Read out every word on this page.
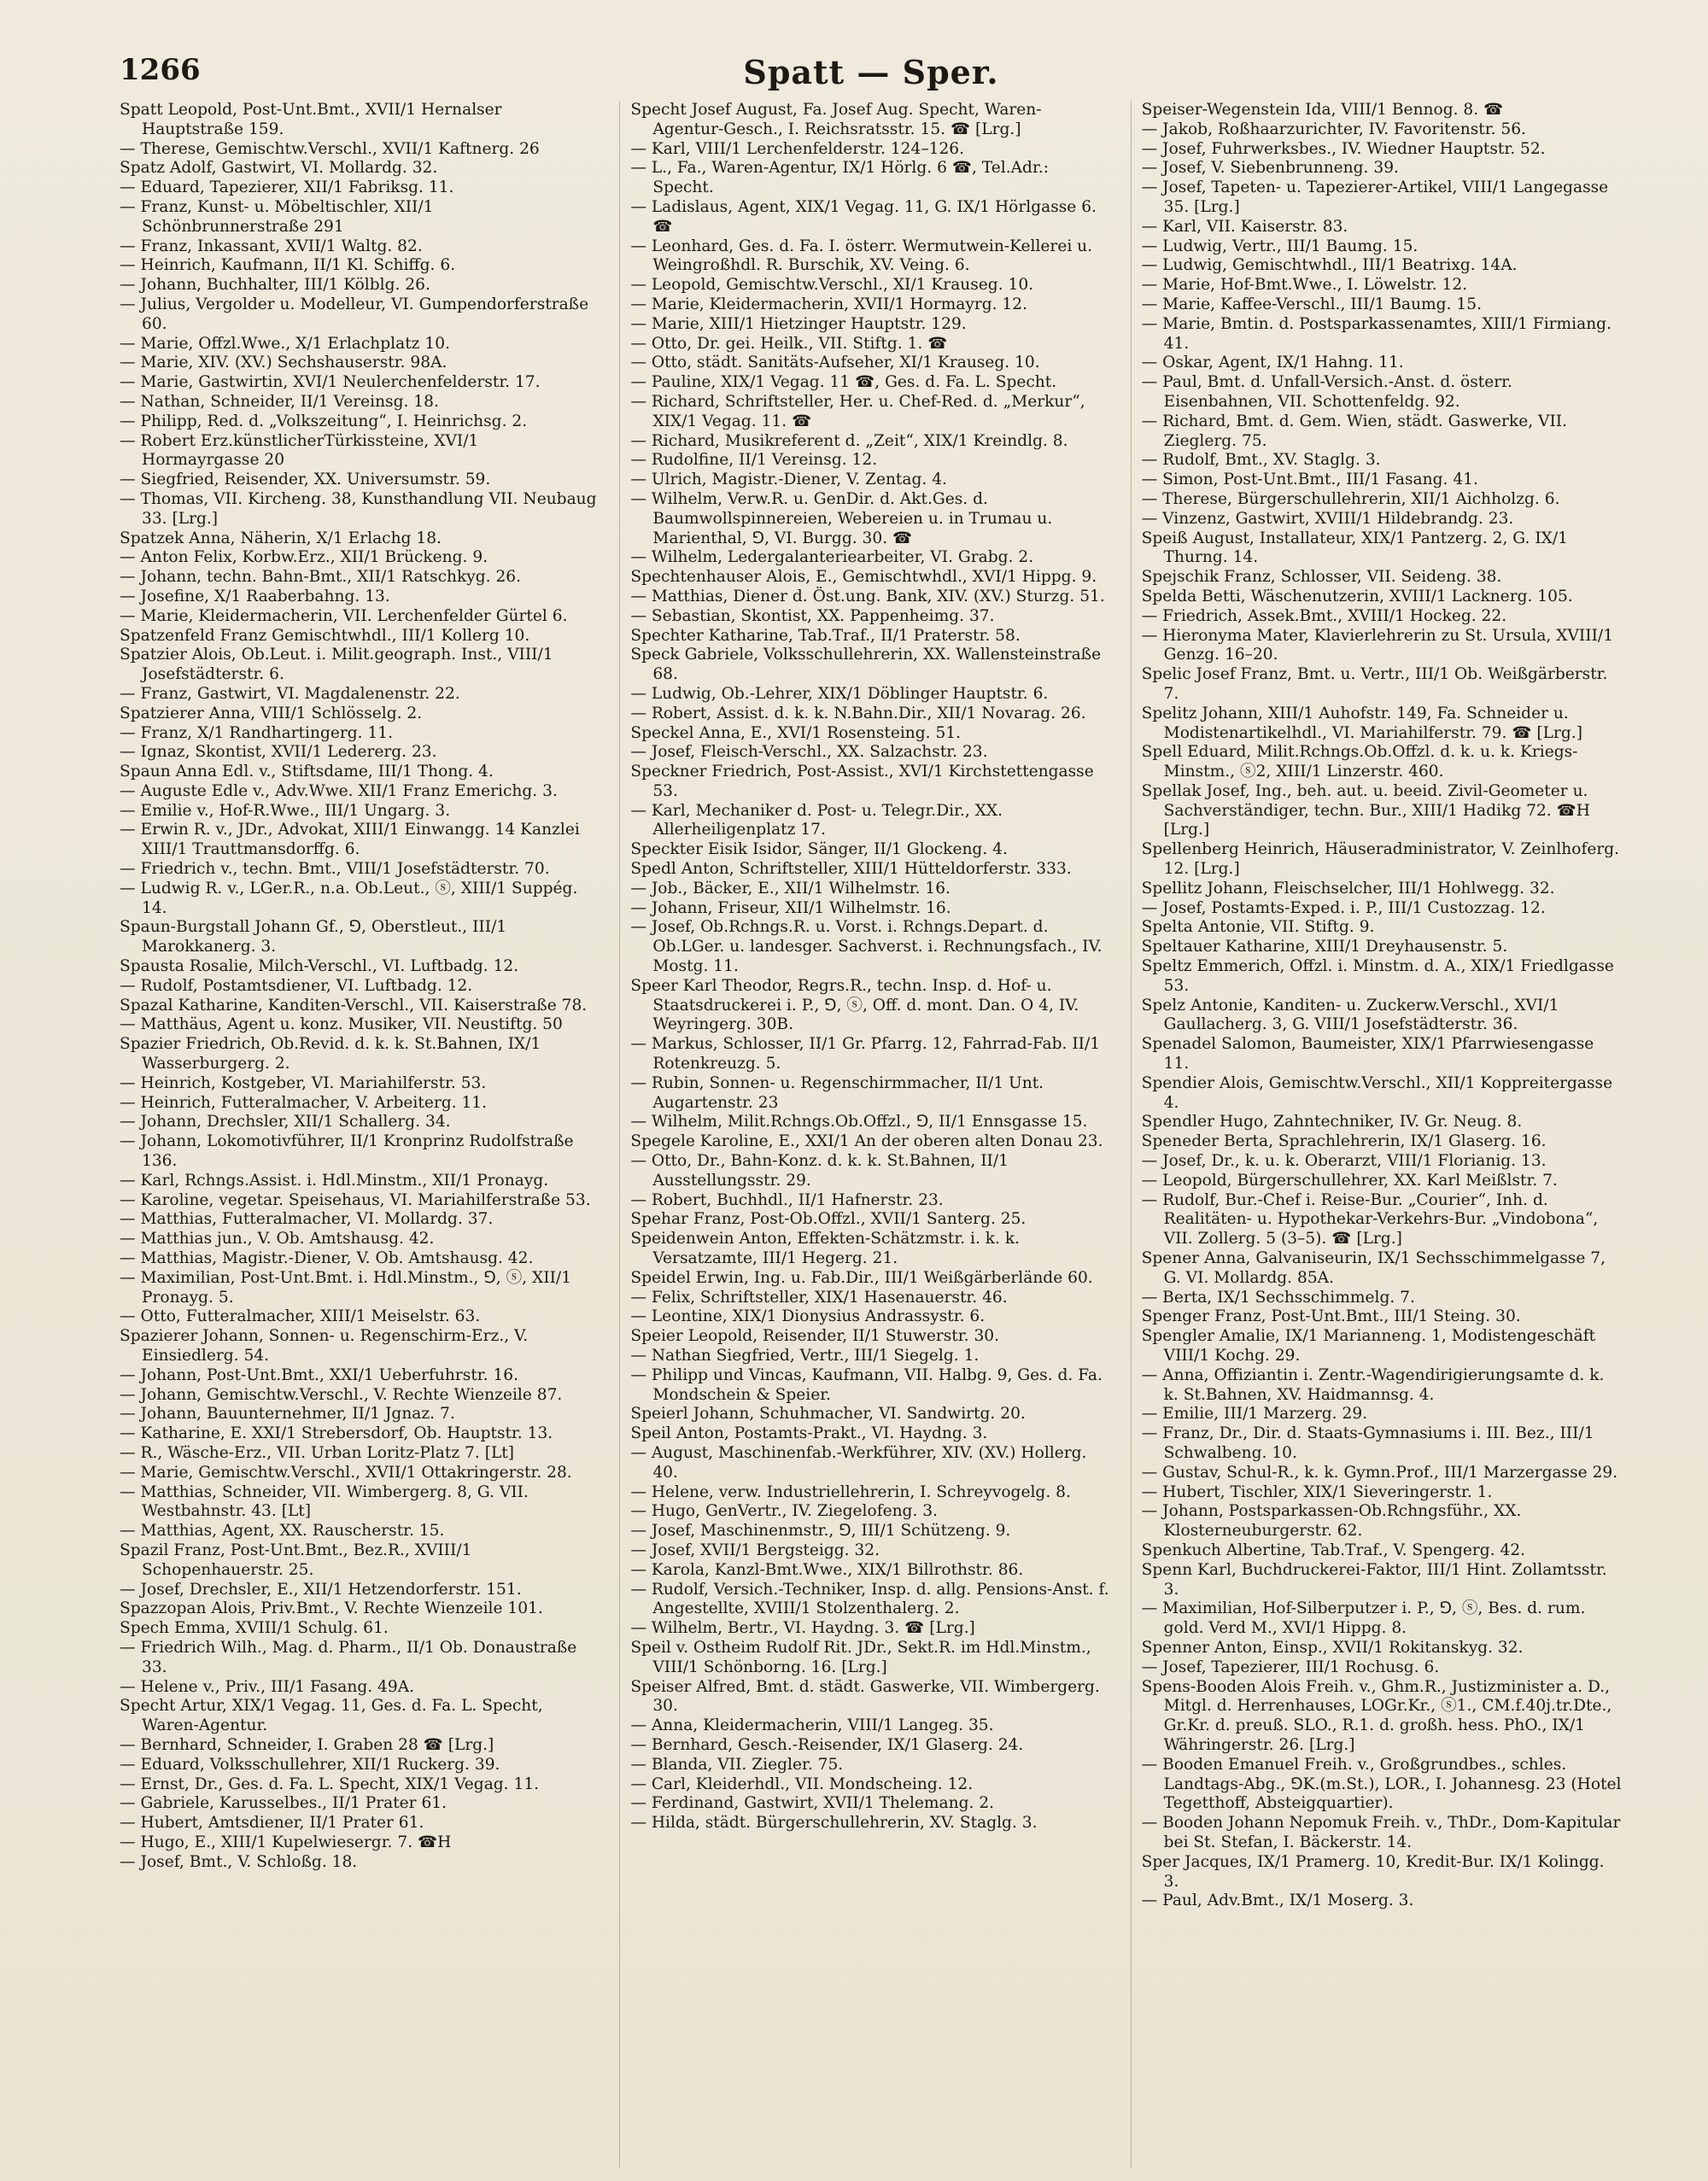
1266	Spatt — Sper.

Spatt Leopold, Post-Unt.Bmt., XVII/1 Hernalser Hauptstraße 159.

— Therese, Gemischtw.Verschl., XVII/1 Kaftnerg. 26

Spatz Adolf, Gastwirt, VI. Mollardg. 32.

— Eduard, Tapezierer, XII/1 Fabriksg. 11.

— Franz, Kunst- u. Möbeltischler, XII/1 Schönbrunnerstraße 291

— Franz, Inkassant, XVII/1 Waltg. 82.

— Heinrich, Kaufmann, II/1 Kl. Schiffg. 6.

— Johann, Buchhalter, III/1 Kölblg. 26.

— Julius, Vergolder u. Modelleur, VI. Gumpendorferstraße 60.

— Marie, Offzl.Wwe., X/1 Erlachplatz 10.

— Marie, XIV. (XV.) Sechshauserstr. 98A.

— Marie, Gastwirtin, XVI/1 Neulerchenfelderstr. 17.

— Nathan, Schneider, II/1 Vereinsg. 18.

— Philipp, Red. d. „Volkszeitung“, I. Heinrichsg. 2.

— Robert Erz.künstlicherTürkissteine, XVI/1 Hormayrgasse 20

— Siegfried, Reisender, XX. Universumstr. 59.

— Thomas, VII. Kircheng. 38, Kunsthandlung VII. Neubaug 33. [Lrg.]

Spatzek Anna, Näherin, X/1 Erlachg 18.

— Anton Felix, Korbw.Erz., XII/1 Brückeng. 9.

— Johann, techn. Bahn-Bmt., XII/1 Ratschkyg. 26.

— Josefine, X/1 Raaberbahng. 13.

— Marie, Kleidermacherin, VII. Lerchenfelder Gürtel 6.

Spatzenfeld Franz Gemischtwhdl., III/1 Kollerg 10.

Spatzier Alois, Ob.Leut. i. Milit.geograph. Inst., VIII/1 Josefstädterstr. 6.

— Franz, Gastwirt, VI. Magdalenenstr. 22.

Spatzierer Anna, VIII/1 Schlösselg. 2.

— Franz, X/1 Randhartingerg. 11.

— Ignaz, Skontist, XVII/1 Ledererg. 23.

Spaun Anna Edl. v., Stiftsdame, III/1 Thong. 4.

— Auguste Edle v., Adv.Wwe. XII/1 Franz Emerichg. 3.

— Emilie v., Hof-R.Wwe., III/1 Ungarg. 3.

— Erwin R. v., JDr., Advokat, XIII/1 Einwangg. 14 Kanzlei XIII/1 Trauttmansdorffg. 6.

— Friedrich v., techn. Bmt., VIII/1 Josefstädterstr. 70.

— Ludwig R. v., LGer.R., n.a. Ob.Leut., ⓢ, XIII/1 Suppég. 14.

Spaun-Burgstall Johann Gf., ⅁, Oberstleut., III/1 Marokkanerg. 3.

Spausta Rosalie, Milch-Verschl., VI. Luftbadg. 12.

— Rudolf, Postamtsdiener, VI. Luftbadg. 12.

Spazal Katharine, Kanditen-Verschl., VII. Kaiserstraße 78.

— Matthäus, Agent u. konz. Musiker, VII. Neustiftg. 50

Spazier Friedrich, Ob.Revid. d. k. k. St.Bahnen, IX/1 Wasserburgerg. 2.

— Heinrich, Kostgeber, VI. Mariahilferstr. 53.

— Heinrich, Futteralmacher, V. Arbeiterg. 11.

— Johann, Drechsler, XII/1 Schallerg. 34.

— Johann, Lokomotivführer, II/1 Kronprinz Rudolfstraße 136.

— Karl, Rchngs.Assist. i. Hdl.Minstm., XII/1 Pronayg.

— Karoline, vegetar. Speisehaus, VI. Mariahilferstraße 53.

— Matthias, Futteralmacher, VI. Mollardg. 37.

— Matthias jun., V. Ob. Amtshausg. 42.

— Matthias, Magistr.-Diener, V. Ob. Amtshausg. 42.

— Maximilian, Post-Unt.Bmt. i. Hdl.Minstm., ⅁, ⓢ, XII/1 Pronayg. 5.

— Otto, Futteralmacher, XIII/1 Meiselstr. 63.

Spazierer Johann, Sonnen- u. Regenschirm-Erz., V. Einsiedlerg. 54.

— Johann, Post-Unt.Bmt., XXI/1 Ueberfuhrstr. 16.

— Johann, Gemischtw.Verschl., V. Rechte Wienzeile 87.

— Johann, Bauunternehmer, II/1 Jgnaz. 7.

— Katharine, E. XXI/1 Strebersdorf, Ob. Hauptstr. 13.

— R., Wäsche-Erz., VII. Urban Loritz-Platz 7. [Lt]

— Marie, Gemischtw.Verschl., XVII/1 Ottakringerstr. 28.

— Matthias, Schneider, VII. Wimbergerg. 8, G. VII. Westbahnstr. 43. [Lt]

— Matthias, Agent, XX. Rauscherstr. 15.

Spazil Franz, Post-Unt.Bmt., Bez.R., XVIII/1 Schopenhauerstr. 25.

— Josef, Drechsler, E., XII/1 Hetzendorferstr. 151.

Spazzopan Alois, Priv.Bmt., V. Rechte Wienzeile 101.

Spech Emma, XVIII/1 Schulg. 61.

— Friedrich Wilh., Mag. d. Pharm., II/1 Ob. Donaustraße 33.

— Helene v., Priv., III/1 Fasang. 49A.

Specht Artur, XIX/1 Vegag. 11, Ges. d. Fa. L. Specht, Waren-Agentur.

— Bernhard, Schneider, I. Graben 28 ☎ [Lrg.]

— Eduard, Volksschullehrer, XII/1 Ruckerg. 39.

— Ernst, Dr., Ges. d. Fa. L. Specht, XIX/1 Vegag. 11.

— Gabriele, Karusselbes., II/1 Prater 61.

— Hubert, Amtsdiener, II/1 Prater 61.

— Hugo, E., XIII/1 Kupelwiesergr. 7. ☎H

— Josef, Bmt., V. Schloßg. 18.

Specht Josef August, Fa. Josef Aug. Specht, Waren-Agentur-Gesch., I. Reichsratsstr. 15. ☎ [Lrg.]

— Karl, VIII/1 Lerchenfelderstr. 124–126.

— L., Fa., Waren-Agentur, IX/1 Hörlg. 6 ☎, Tel.Adr.: Specht.

— Ladislaus, Agent, XIX/1 Vegag. 11, G. IX/1 Hörlgasse 6. ☎

— Leonhard, Ges. d. Fa. I. österr. Wermutwein-Kellerei u. Weingroßhdl. R. Burschik, XV. Veing. 6.

— Leopold, Gemischtw.Verschl., XI/1 Krauseg. 10.

— Marie, Kleidermacherin, XVII/1 Hormayrg. 12.

— Marie, XIII/1 Hietzinger Hauptstr. 129.

— Otto, Dr. gei. Heilk., VII. Stiftg. 1. ☎

— Otto, städt. Sanitäts-Aufseher, XI/1 Krauseg. 10.

— Pauline, XIX/1 Vegag. 11 ☎, Ges. d. Fa. L. Specht.

— Richard, Schriftsteller, Her. u. Chef-Red. d. „Merkur“, XIX/1 Vegag. 11. ☎

— Richard, Musikreferent d. „Zeit“, XIX/1 Kreindlg. 8.

— Rudolfine, II/1 Vereinsg. 12.

— Ulrich, Magistr.-Diener, V. Zentag. 4.

— Wilhelm, Verw.R. u. GenDir. d. Akt.Ges. d. Baumwollspinnereien, Webereien u. in Trumau u. Marienthal, ⅁, VI. Burgg. 30. ☎

— Wilhelm, Ledergalanteriearbeiter, VI. Grabg. 2.

Spechtenhauser Alois, E., Gemischtwhdl., XVI/1 Hippg. 9.

— Matthias, Diener d. Öst.ung. Bank, XIV. (XV.) Sturzg. 51.

— Sebastian, Skontist, XX. Pappenheimg. 37.

Spechter Katharine, Tab.Traf., II/1 Praterstr. 58.

Speck Gabriele, Volksschullehrerin, XX. Wallensteinstraße 68.

— Ludwig, Ob.-Lehrer, XIX/1 Döblinger Hauptstr. 6.

— Robert, Assist. d. k. k. N.Bahn.Dir., XII/1 Novarag. 26.

Speckel Anna, E., XVI/1 Rosensteing. 51.

— Josef, Fleisch-Verschl., XX. Salzachstr. 23.

Speckner Friedrich, Post-Assist., XVI/1 Kirchstettengasse 53.

— Karl, Mechaniker d. Post- u. Telegr.Dir., XX. Allerheiligenplatz 17.

Speckter Eisik Isidor, Sänger, II/1 Glockeng. 4.

Spedl Anton, Schriftsteller, XIII/1 Hütteldorferstr. 333.

— Job., Bäcker, E., XII/1 Wilhelmstr. 16.

— Johann, Friseur, XII/1 Wilhelmstr. 16.

— Josef, Ob.Rchngs.R. u. Vorst. i. Rchngs.Depart. d. Ob.LGer. u. landesger. Sachverst. i. Rechnungsfach., IV. Mostg. 11.

Speer Karl Theodor, Regrs.R., techn. Insp. d. Hof- u. Staatsdruckerei i. P., ⅁, ⓢ, Off. d. mont. Dan. O 4, IV. Weyringerg. 30B.

— Markus, Schlosser, II/1 Gr. Pfarrg. 12, Fahrrad-Fab. II/1 Rotenkreuzg. 5.

— Rubin, Sonnen- u. Regenschirmmacher, II/1 Unt. Augartenstr. 23

— Wilhelm, Milit.Rchngs.Ob.Offzl., ⅁, II/1 Ennsgasse 15.

Spegele Karoline, E., XXI/1 An der oberen alten Donau 23.

— Otto, Dr., Bahn-Konz. d. k. k. St.Bahnen, II/1 Ausstellungsstr. 29.

— Robert, Buchhdl., II/1 Hafnerstr. 23.

Spehar Franz, Post-Ob.Offzl., XVII/1 Santerg. 25.

Speidenwein Anton, Effekten-Schätzmstr. i. k. k. Versatzamte, III/1 Hegerg. 21.

Speidel Erwin, Ing. u. Fab.Dir., III/1 Weißgärberlände 60.

— Felix, Schriftsteller, XIX/1 Hasenauerstr. 46.

— Leontine, XIX/1 Dionysius Andrassystr. 6.

Speier Leopold, Reisender, II/1 Stuwerstr. 30.

— Nathan Siegfried, Vertr., III/1 Siegelg. 1.

— Philipp und Vincas, Kaufmann, VII. Halbg. 9, Ges. d. Fa. Mondschein & Speier.

Speierl Johann, Schuhmacher, VI. Sandwirtg. 20.

Speil Anton, Postamts-Prakt., VI. Haydng. 3.

— August, Maschinenfab.-Werkführer, XIV. (XV.) Hollerg. 40.

— Helene, verw. Industriellehrerin, I. Schreyvogelg. 8.

— Hugo, GenVertr., IV. Ziegelofeng. 3.

— Josef, Maschinenmstr., ⅁, III/1 Schützeng. 9.

— Josef, XVII/1 Bergsteigg. 32.

— Karola, Kanzl-Bmt.Wwe., XIX/1 Billrothstr. 86.

— Rudolf, Versich.-Techniker, Insp. d. allg. Pensions-Anst. f. Angestellte, XVIII/1 Stolzenthalerg. 2.

— Wilhelm, Bertr., VI. Haydng. 3. ☎ [Lrg.]

Speil v. Ostheim Rudolf Rit. JDr., Sekt.R. im Hdl.Minstm., VIII/1 Schönborng. 16. [Lrg.]

Speiser Alfred, Bmt. d. städt. Gaswerke, VII. Wimbergerg. 30.

— Anna, Kleidermacherin, VIII/1 Langeg. 35.

— Bernhard, Gesch.-Reisender, IX/1 Glaserg. 24.

— Blanda, VII. Ziegler. 75.

— Carl, Kleiderhdl., VII. Mondscheing. 12.

— Ferdinand, Gastwirt, XVII/1 Thelemang. 2.

— Hilda, städt. Bürgerschullehrerin, XV. Staglg. 3.

Speiser-Wegenstein Ida, VIII/1 Bennog. 8. ☎

— Jakob, Roßhaarzurichter, IV. Favoritenstr. 56.

— Josef, Fuhrwerksbes., IV. Wiedner Hauptstr. 52.

— Josef, V. Siebenbrunneng. 39.

— Josef, Tapeten- u. Tapezierer-Artikel, VIII/1 Langegasse 35. [Lrg.]

— Karl, VII. Kaiserstr. 83.

— Ludwig, Vertr., III/1 Baumg. 15.

— Ludwig, Gemischtwhdl., III/1 Beatrixg. 14A.

— Marie, Hof-Bmt.Wwe., I. Löwelstr. 12.

— Marie, Kaffee-Verschl., III/1 Baumg. 15.

— Marie, Bmtin. d. Postsparkassenamtes, XIII/1 Firmiang. 41.

— Oskar, Agent, IX/1 Hahng. 11.

— Paul, Bmt. d. Unfall-Versich.-Anst. d. österr. Eisenbahnen, VII. Schottenfeldg. 92.

— Richard, Bmt. d. Gem. Wien, städt. Gaswerke, VII. Zieglerg. 75.

— Rudolf, Bmt., XV. Staglg. 3.

— Simon, Post-Unt.Bmt., III/1 Fasang. 41.

— Therese, Bürgerschullehrerin, XII/1 Aichholzg. 6.

— Vinzenz, Gastwirt, XVIII/1 Hildebrandg. 23.

Speiß August, Installateur, XIX/1 Pantzerg. 2, G. IX/1 Thurng. 14.

Spejschik Franz, Schlosser, VII. Seideng. 38.

Spelda Betti, Wäschenutzerin, XVIII/1 Lacknerg. 105.

— Friedrich, Assek.Bmt., XVIII/1 Hockeg. 22.

— Hieronyma Mater, Klavierlehrerin zu St. Ursula, XVIII/1 Genzg. 16–20.

Spelic Josef Franz, Bmt. u. Vertr., III/1 Ob. Weißgärberstr. 7.

Spelitz Johann, XIII/1 Auhofstr. 149, Fa. Schneider u. Modistenartikelhdl., VI. Mariahilferstr. 79. ☎ [Lrg.]

Spell Eduard, Milit.Rchngs.Ob.Offzl. d. k. u. k. Kriegs-Minstm., ⓢ2, XIII/1 Linzerstr. 460.

Spellak Josef, Ing., beh. aut. u. beeid. Zivil-Geometer u. Sachverständiger, techn. Bur., XIII/1 Hadikg 72. ☎H [Lrg.]

Spellenberg Heinrich, Häuseradministrator, V. Zeinlhoferg. 12. [Lrg.]

Spellitz Johann, Fleischselcher, III/1 Hohlwegg. 32.

— Josef, Postamts-Exped. i. P., III/1 Custozzag. 12.

Spelta Antonie, VII. Stiftg. 9.

Speltauer Katharine, XIII/1 Dreyhausenstr. 5.

Speltz Emmerich, Offzl. i. Minstm. d. A., XIX/1 Friedlgasse 53.

Spelz Antonie, Kanditen- u. Zuckerw.Verschl., XVI/1 Gaullacherg. 3, G. VIII/1 Josefstädterstr. 36.

Spenadel Salomon, Baumeister, XIX/1 Pfarrwiesengasse 11.

Spendier Alois, Gemischtw.Verschl., XII/1 Koppreitergasse 4.

Spendler Hugo, Zahntechniker, IV. Gr. Neug. 8.

Speneder Berta, Sprachlehrerin, IX/1 Glaserg. 16.

— Josef, Dr., k. u. k. Oberarzt, VIII/1 Florianig. 13.

— Leopold, Bürgerschullehrer, XX. Karl Meißlstr. 7.

— Rudolf, Bur.-Chef i. Reise-Bur. „Courier“, Inh. d. Realitäten- u. Hypothekar-Verkehrs-Bur. „Vindobona“, VII. Zollerg. 5 (3–5). ☎ [Lrg.]

Spener Anna, Galvaniseurin, IX/1 Sechsschimmelgasse 7, G. VI. Mollardg. 85A.

— Berta, IX/1 Sechsschimmelg. 7.

Spenger Franz, Post-Unt.Bmt., III/1 Steing. 30.

Spengler Amalie, IX/1 Marianneng. 1, Modistengeschäft VIII/1 Kochg. 29.

— Anna, Offiziantin i. Zentr.-Wagendirigierungsamte d. k. k. St.Bahnen, XV. Haidmannsg. 4.

— Emilie, III/1 Marzerg. 29.

— Franz, Dr., Dir. d. Staats-Gymnasiums i. III. Bez., III/1 Schwalbeng. 10.

— Gustav, Schul-R., k. k. Gymn.Prof., III/1 Marzergasse 29.

— Hubert, Tischler, XIX/1 Sieveringerstr. 1.

— Johann, Postsparkassen-Ob.Rchngsführ., XX. Klosterneuburgerstr. 62.

Spenkuch Albertine, Tab.Traf., V. Spengerg. 42.

Spenn Karl, Buchdruckerei-Faktor, III/1 Hint. Zollamtsstr. 3.

— Maximilian, Hof-Silberputzer i. P., ⅁, ⓢ, Bes. d. rum. gold. Verd M., XVI/1 Hippg. 8.

Spenner Anton, Einsp., XVII/1 Rokitanskyg. 32.

— Josef, Tapezierer, III/1 Rochusg. 6.

Spens-Booden Alois Freih. v., Ghm.R., Justizminister a. D., Mitgl. d. Herrenhauses, LOGr.Kr., ⓢ1., CM.f.40j.tr.Dte., Gr.Kr. d. preuß. SLO., R.1. d. großh. hess. PhO., IX/1 Währingerstr. 26. [Lrg.]

— Booden Emanuel Freih. v., Großgrundbes., schles. Landtags-Abg., ⅁K.(m.St.), LOR., I. Johannesg. 23 (Hotel Tegetthoff, Absteigquartier).

— Booden Johann Nepomuk Freih. v., ThDr., Dom-Kapitular bei St. Stefan, I. Bäckerstr. 14.

Sper Jacques, IX/1 Pramerg. 10, Kredit-Bur. IX/1 Kolingg. 3.

— Paul, Adv.Bmt., IX/1 Moserg. 3.
